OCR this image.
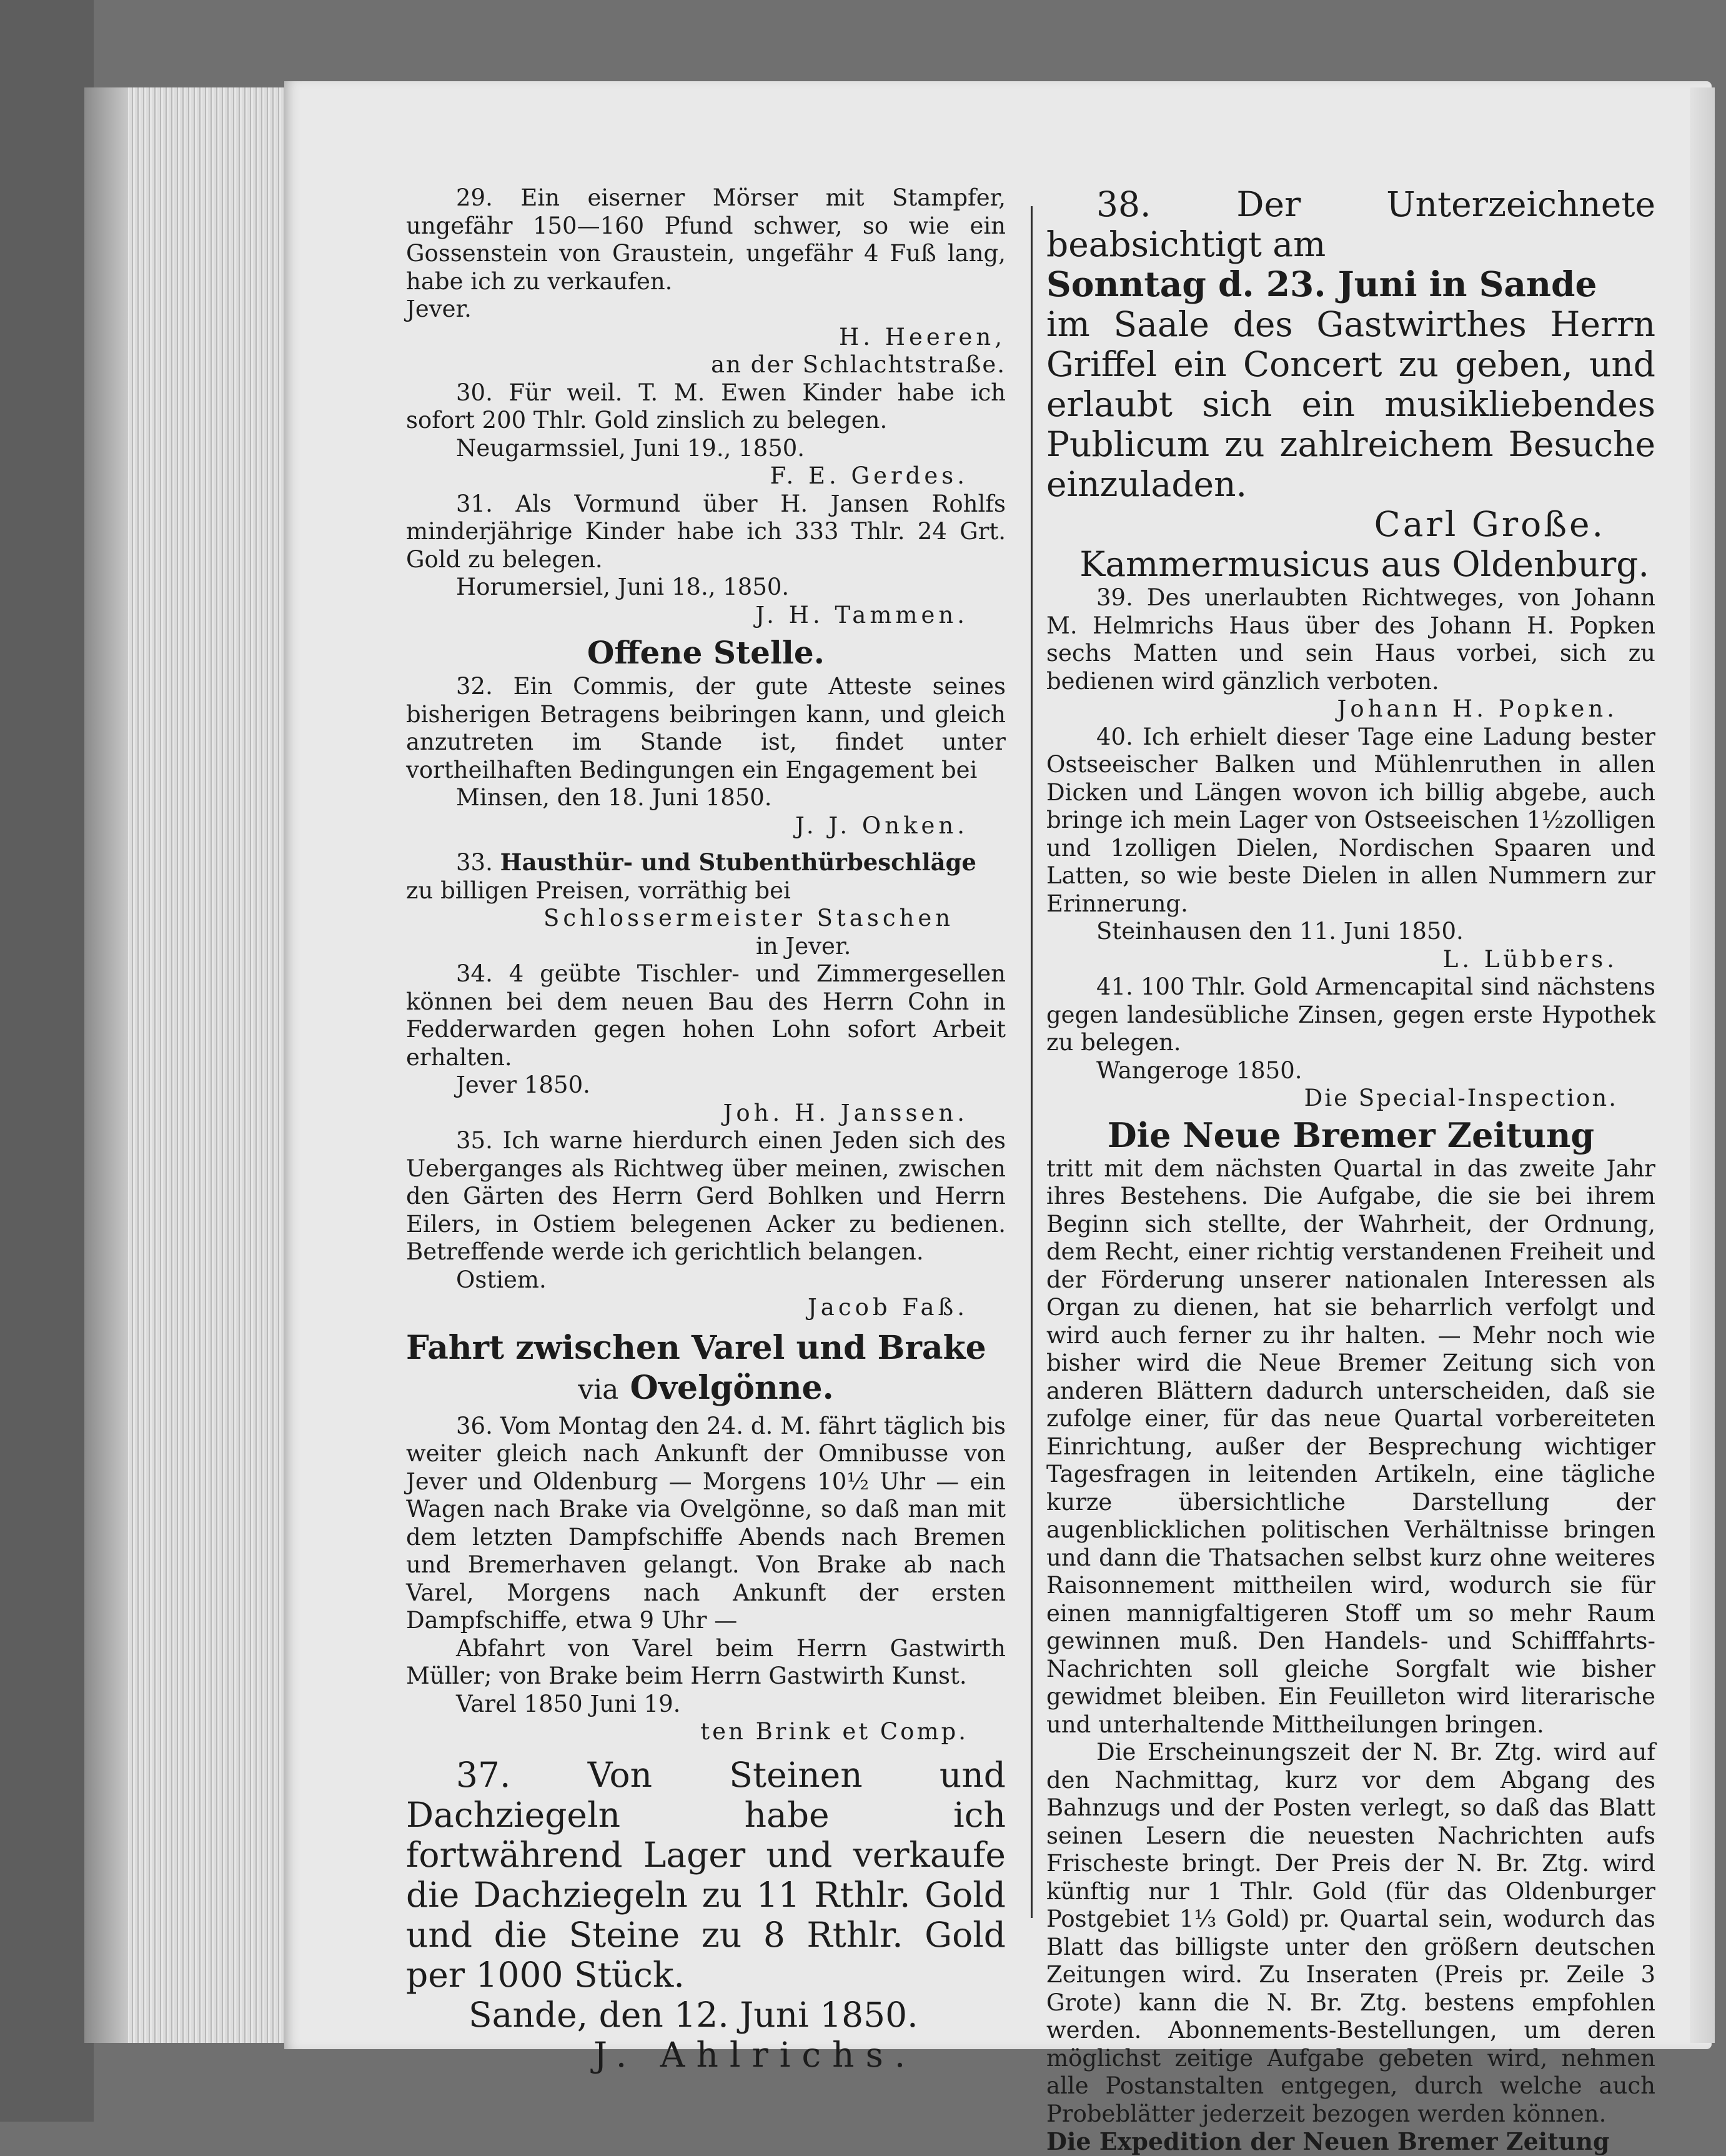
29. Ein eiserner Mörser mit Stampfer, ungefähr 150—160 Pfund schwer, so wie ein Gossenstein von Graustein, ungefähr 4 Fuß lang, habe ich zu verkaufen.

Jever.

H. Heeren,

an der Schlachtstraße.

30. Für weil. T. M. Ewen Kinder habe ich sofort 200 Thlr. Gold zinslich zu belegen.

Neugarmssiel, Juni 19., 1850.

F. E. Gerdes.

31. Als Vormund über H. Jansen Rohlfs minderjährige Kinder habe ich 333 Thlr. 24 Grt. Gold zu belegen.

Horumersiel, Juni 18., 1850.

J. H. Tammen.

Offene Stelle.

32. Ein Commis, der gute Atteste seines bisherigen Betragens beibringen kann, und gleich anzutreten im Stande ist, findet unter vortheilhaften Bedingungen ein Engagement bei

Minsen, den 18. Juni 1850.

J. J. Onken.

33. Hausthür- und Stubenthürbeschläge

zu billigen Preisen, vorräthig bei

Schlossermeister Staschen

in Jever.

34. 4 geübte Tischler- und Zimmergesellen können bei dem neuen Bau des Herrn Cohn in Fedderwarden gegen hohen Lohn sofort Arbeit erhalten.

Jever 1850.

Joh. H. Janssen.

35. Ich warne hierdurch einen Jeden sich des Ueberganges als Richtweg über meinen, zwischen den Gärten des Herrn Gerd Bohlken und Herrn Eilers, in Ostiem belegenen Acker zu bedienen. Betreffende werde ich gerichtlich belangen.

Ostiem.

Jacob Faß.

Fahrt zwischen Varel und Brake

via Ovelgönne.

36. Vom Montag den 24. d. M. fährt täglich bis weiter gleich nach Ankunft der Omnibusse von Jever und Oldenburg — Morgens 10½ Uhr — ein Wagen nach Brake via Ovelgönne, so daß man mit dem letzten Dampfschiffe Abends nach Bremen und Bremerhaven gelangt. Von Brake ab nach Varel, Morgens nach Ankunft der ersten Dampfschiffe, etwa 9 Uhr —

Abfahrt von Varel beim Herrn Gastwirth Müller; von Brake beim Herrn Gastwirth Kunst.

Varel 1850 Juni 19.

ten Brink et Comp.

37. Von Steinen und Dachziegeln habe ich fortwährend Lager und verkaufe die Dachziegeln zu 11 Rthlr. Gold und die Steine zu 8 Rthlr. Gold per 1000 Stück.

Sande, den 12. Juni 1850.

J. Ahlrichs.

38. Der Unterzeichnete beabsichtigt am

Sonntag d. 23. Juni in Sande

im Saale des Gastwirthes Herrn Griffel ein Concert zu geben, und erlaubt sich ein musikliebendes Publicum zu zahlreichem Besuche einzuladen.

Carl Große.

Kammermusicus aus Oldenburg.

39. Des unerlaubten Richtweges, von Johann M. Helmrichs Haus über des Johann H. Popken sechs Matten und sein Haus vorbei, sich zu bedienen wird gänzlich verboten.

Johann H. Popken.

40. Ich erhielt dieser Tage eine Ladung bester Ostseeischer Balken und Mühlenruthen in allen Dicken und Längen wovon ich billig abgebe, auch bringe ich mein Lager von Ostseeischen 1½zolligen und 1zolligen Dielen, Nordischen Spaaren und Latten, so wie beste Dielen in allen Nummern zur Erinnerung.

Steinhausen den 11. Juni 1850.

L. Lübbers.

41. 100 Thlr. Gold Armencapital sind nächstens gegen landesübliche Zinsen, gegen erste Hypothek zu belegen.

Wangeroge 1850.

Die Special-Inspection.

Die Neue Bremer Zeitung

tritt mit dem nächsten Quartal in das zweite Jahr ihres Bestehens. Die Aufgabe, die sie bei ihrem Beginn sich stellte, der Wahrheit, der Ordnung, dem Recht, einer richtig verstandenen Freiheit und der Förderung unserer nationalen Interessen als Organ zu dienen, hat sie beharrlich verfolgt und wird auch ferner zu ihr halten. — Mehr noch wie bisher wird die Neue Bremer Zeitung sich von anderen Blättern dadurch unterscheiden, daß sie zufolge einer, für das neue Quartal vorbereiteten Einrichtung, außer der Besprechung wichtiger Tagesfragen in leitenden Artikeln, eine tägliche kurze übersichtliche Darstellung der augenblicklichen politischen Verhältnisse bringen und dann die Thatsachen selbst kurz ohne weiteres Raisonnement mittheilen wird, wodurch sie für einen mannigfaltigeren Stoff um so mehr Raum gewinnen muß. Den Handels- und Schifffahrts-Nachrichten soll gleiche Sorgfalt wie bisher gewidmet bleiben. Ein Feuilleton wird literarische und unterhaltende Mittheilungen bringen.

Die Erscheinungszeit der N. Br. Ztg. wird auf den Nachmittag, kurz vor dem Abgang des Bahnzugs und der Posten verlegt, so daß das Blatt seinen Lesern die neuesten Nachrichten aufs Frischeste bringt. Der Preis der N. Br. Ztg. wird künftig nur 1 Thlr. Gold (für das Oldenburger Postgebiet 1⅓ Gold) pr. Quartal sein, wodurch das Blatt das billigste unter den größern deutschen Zeitungen wird. Zu Inseraten (Preis pr. Zeile 3 Grote) kann die N. Br. Ztg. bestens empfohlen werden. Abonnements-Bestellungen, um deren möglichst zeitige Aufgabe gebeten wird, nehmen alle Postanstalten entgegen, durch welche auch Probeblätter jederzeit bezogen werden können.

Die Expedition der Neuen Bremer Zeitung
